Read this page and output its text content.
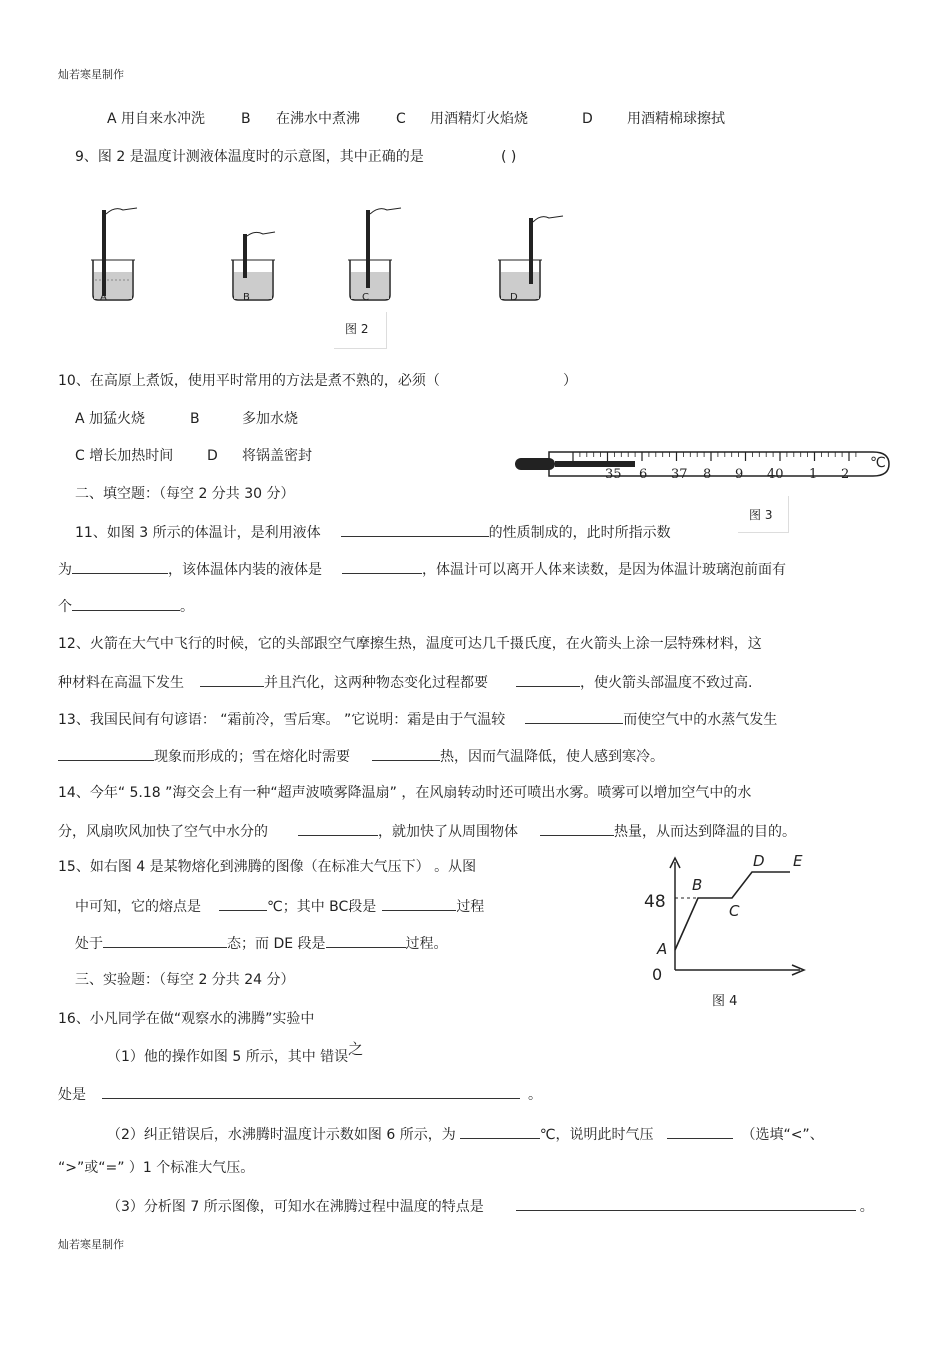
灿若寒星制作
A 用自来水冲洗	B 在沸水中煮沸	C 用酒精灯火焰烧	D 用酒精棉球擦拭
9、图 2 是温度计测液体温度时的示意图，其中正确的是	( )
A	B	C	D
图 2
10、在高原上煮饭，使用平时常用的方法是煮不熟的，必须（	）
A 加猛火烧	B	多加水烧
C 增长加热时间 D 将锅盖密封
二、填空题：（每空 2 分共 30 分）
℃
35 6 37 8 9 40 1 2
图 3
11、如图 3 所示的体温计，是利用液体	的性质制成的，此时所指示数
为	，该体温体内装的液体是	，体温计可以离开人体来读数，是因为体温计玻璃泡前面有
个	。
12、火箭在大气中飞行的时候，它的头部跟空气摩擦生热，温度可达几千摄氏度，在火箭头上涂一层特殊材料，这
种材料在高温下发生	并且汽化，这两种物态变化过程都要	，使火箭头部温度不致过高.
13、我国民间有句谚语： “霜前冷，雪后寒。 ”它说明：霜是由于气温较	而使空气中的水蒸气发生
现象而形成的；雪在熔化时需要	热，因而气温降低，使人感到寒冷。
14、今年“ 5.18 ”海交会上有一种“超声波喷雾降温扇” ，在风扇转动时还可喷出水雾。喷雾可以增加空气中的水
分，风扇吹风加快了空气中水分的	，就加快了从周围物体	热量，从而达到降温的目的。
15、如右图 4 是某物熔化到沸腾的图像（在标准大气压下） 。从图
中可知，它的熔点是	℃；其中 BC段是	过程
处于	态；而 DE 段是	过程。
48
0
A
B
C
D E
图 4
三、实验题：（每空 2 分共 24 分）
16、小凡同学在做“观察水的沸腾”实验中
（1）他的操作如图 5 所示，其中 错误之
处是	。
（2）纠正错误后，水沸腾时温度计示数如图 6 所示，为	℃，说明此时气压	（选填“<”、
“>”或“=” ）1 个标准大气压。
（3）分析图 7 所示图像，可知水在沸腾过程中温度的特点是	。
灿若寒星制作
